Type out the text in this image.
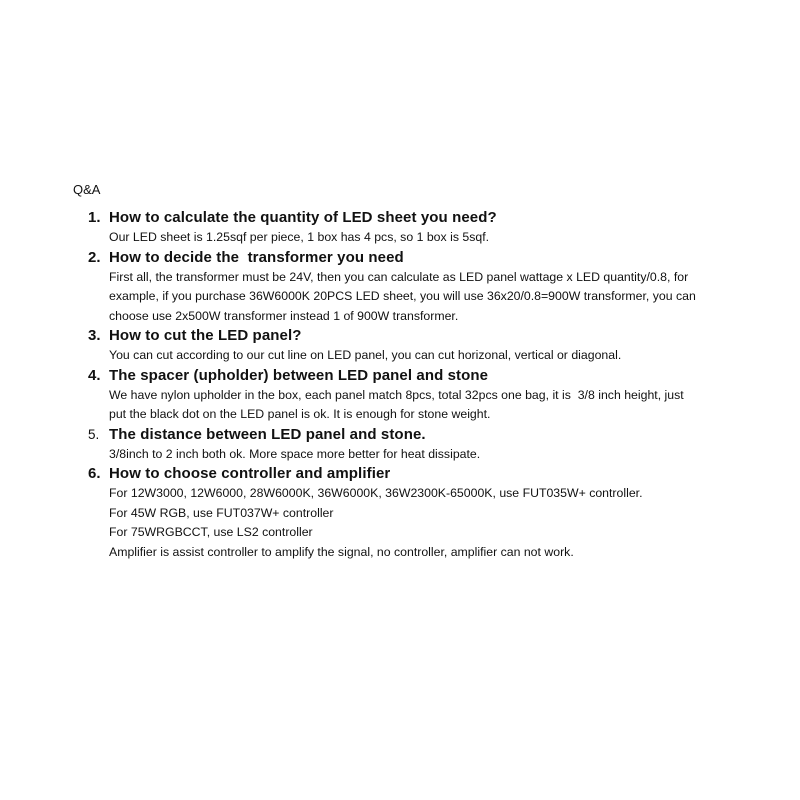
Q&A
1. How to calculate the quantity of LED sheet you need?
Our LED sheet is 1.25sqf per piece, 1 box has 4 pcs, so 1 box is 5sqf.
2. How to decide the  transformer you need
First all, the transformer must be 24V, then you can calculate as LED panel wattage x LED quantity/0.8, for
example, if you purchase 36W6000K 20PCS LED sheet, you will use 36x20/0.8=900W transformer, you can
choose use 2x500W transformer instead 1 of 900W transformer.
3. How to cut the LED panel?
You can cut according to our cut line on LED panel, you can cut horizonal, vertical or diagonal.
4. The spacer (upholder) between LED panel and stone
We have nylon upholder in the box, each panel match 8pcs, total 32pcs one bag, it is  3/8 inch height, just
put the black dot on the LED panel is ok. It is enough for stone weight.
5. The distance between LED panel and stone.
3/8inch to 2 inch both ok. More space more better for heat dissipate.
6. How to choose controller and amplifier
For 12W3000, 12W6000, 28W6000K, 36W6000K, 36W2300K-65000K, use FUT035W+ controller.
For 45W RGB, use FUT037W+ controller
For 75WRGBCCT, use LS2 controller
Amplifier is assist controller to amplify the signal, no controller, amplifier can not work.
